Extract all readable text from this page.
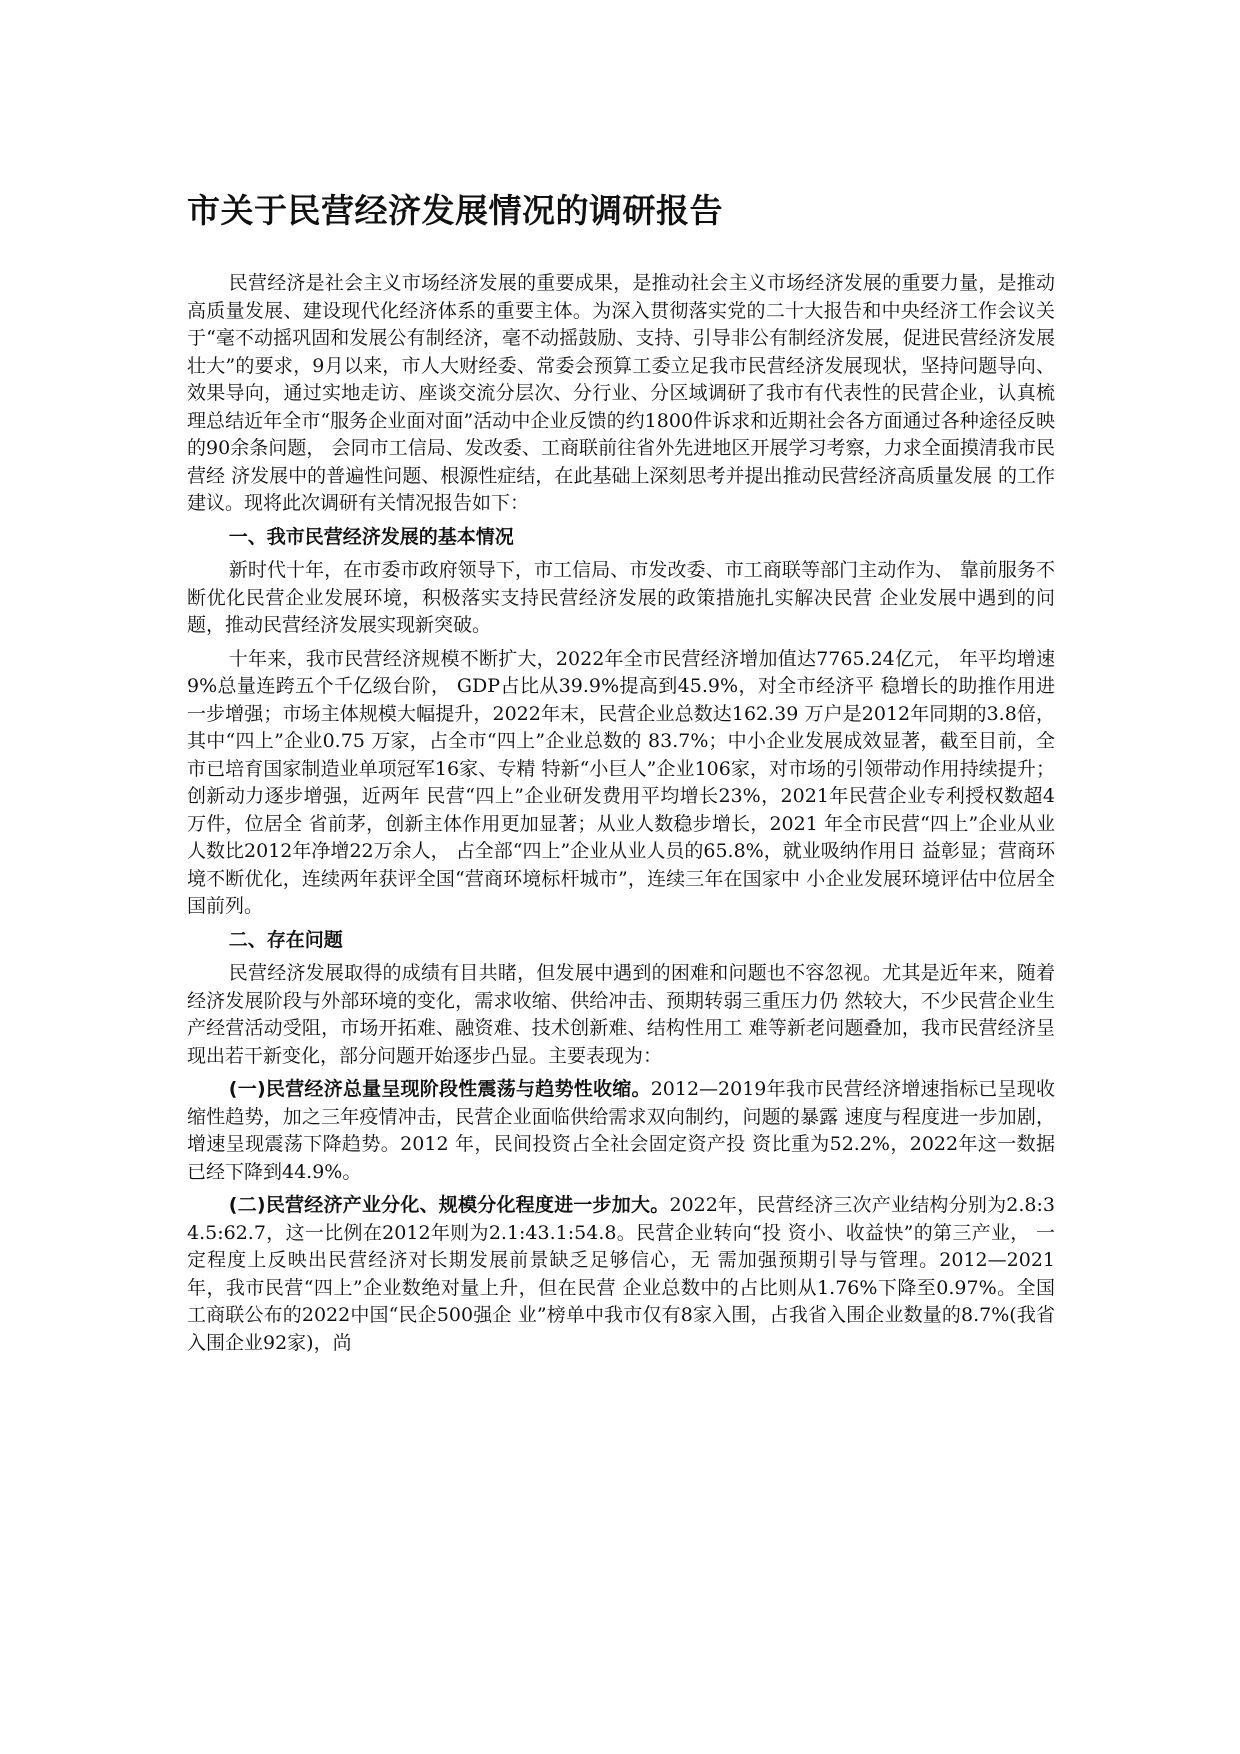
市关于民营经济发展情况的调研报告

民营经济是社会主义市场经济发展的重要成果，是推动社会主义市场经济发展的重要力量，是推动高质量发展、建设现代化经济体系的重要主体。为深入贯彻落实党的二十大报告和中央经济工作会议关于“毫不动摇巩固和发展公有制经济，毫不动摇鼓励、支持、引导非公有制经济发展，促进民营经济发展壮大”的要求，9月以来，市人大财经委、常委会预算工委立足我市民营经济发展现状，坚持问题导向、效果导向，通过实地走访、座谈交流分层次、分行业、分区域调研了我市有代表性的民营企业，认真梳理总结近年全市“服务企业面对面”活动中企业反馈的约1800件诉求和近期社会各方面通过各种途径反映的90余条问题， 会同市工信局、发改委、工商联前往省外先进地区开展学习考察，力求全面摸清我市民营经 济发展中的普遍性问题、根源性症结，在此基础上深刻思考并提出推动民营经济高质量发展 的工作建议。现将此次调研有关情况报告如下：

一、我市民营经济发展的基本情况

新时代十年，在市委市政府领导下，市工信局、市发改委、市工商联等部门主动作为、 靠前服务不断优化民营企业发展环境，积极落实支持民营经济发展的政策措施扎实解决民营 企业发展中遇到的问题，推动民营经济发展实现新突破。

十年来，我市民营经济规模不断扩大，2022年全市民营经济增加值达7765.24亿元， 年平均增速9%总量连跨五个千亿级台阶， GDP占比从39.9%提高到45.9%，对全市经济平 稳增长的助推作用进一步增强；市场主体规模大幅提升，2022年末，民营企业总数达162.39 万户是2012年同期的3.8倍，其中“四上”企业0.75 万家，占全市“四上”企业总数的 83.7%；中小企业发展成效显著，截至目前，全市已培育国家制造业单项冠军16家、专精 特新“小巨人”企业106家，对市场的引领带动作用持续提升；创新动力逐步增强，近两年 民营“四上”企业研发费用平均增长23%，2021年民营企业专利授权数超4万件，位居全 省前茅，创新主体作用更加显著；从业人数稳步增长，2021 年全市民营“四上”企业从业 人数比2012年净增22万余人， 占全部“四上”企业从业人员的65.8%，就业吸纳作用日 益彰显；营商环境不断优化，连续两年获评全国“营商环境标杆城市”，连续三年在国家中 小企业发展环境评估中位居全国前列。

二、存在问题

民营经济发展取得的成绩有目共睹，但发展中遇到的困难和问题也不容忽视。尤其是近年来，随着经济发展阶段与外部环境的变化，需求收缩、供给冲击、预期转弱三重压力仍 然较大，不少民营企业生产经营活动受阻，市场开拓难、融资难、技术创新难、结构性用工 难等新老问题叠加，我市民营经济呈现出若干新变化，部分问题开始逐步凸显。主要表现为：

(一)民营经济总量呈现阶段性震荡与趋势性收缩。2012—2019年我市民营经济增速指标已呈现收缩性趋势，加之三年疫情冲击，民营企业面临供给需求双向制约，问题的暴露 速度与程度进一步加剧，增速呈现震荡下降趋势。2012 年，民间投资占全社会固定资产投 资比重为52.2%，2022年这一数据已经下降到44.9%。

(二)民营经济产业分化、规模分化程度进一步加大。2022年，民营经济三次产业结构分别为2.8:34.5:62.7，这一比例在2012年则为2.1:43.1:54.8。民营企业转向“投 资小、收益快”的第三产业， 一定程度上反映出民营经济对长期发展前景缺乏足够信心，无 需加强预期引导与管理。2012—2021 年，我市民营“四上”企业数绝对量上升，但在民营 企业总数中的占比则从1.76%下降至0.97%。全国工商联公布的2022中国“民企500强企 业”榜单中我市仅有8家入围，占我省入围企业数量的8.7%(我省入围企业92家)，尚
